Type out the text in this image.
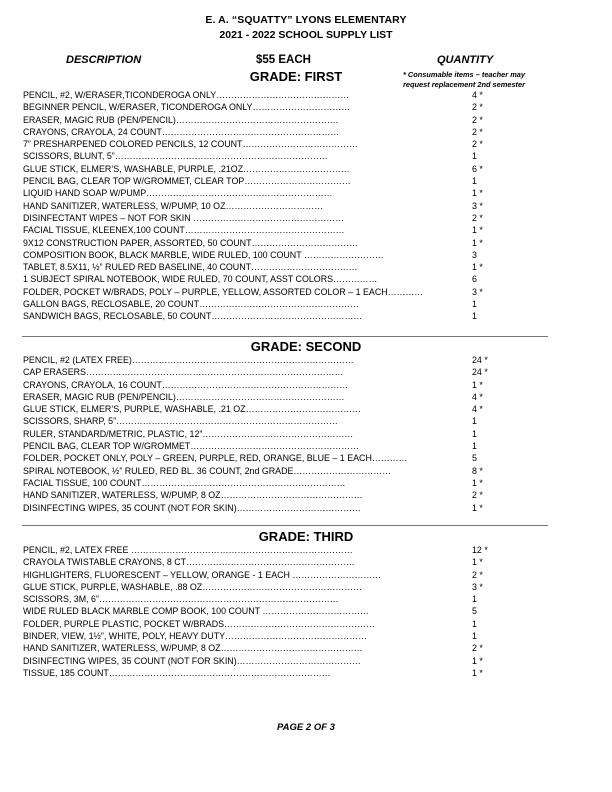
E. A. “SQUATTY” LYONS ELEMENTARY
2021 - 2022 SCHOOL SUPPLY LIST
DESCRIPTION	$55 EACH	QUANTITY
* Consumable items – teacher may
request replacement 2nd semester
GRADE: FIRST
PENCIL, #2, W/ERASER,TICONDEROGA ONLY………………………………………	4 *
BEGINNER PENCIL, W/ERASER, TICONDEROGA ONLY……………………………	2 *
ERASER, MAGIC RUB (PEN/PENCIL)……………………………………………….	2 *
CRAYONS, CRAYOLA, 24 COUNT……………………………………………………	2 *
7” PRESHARPENED COLORED PENCILS, 12 COUNT…………………………………	2 *
SCISSORS, BLUNT, 5”………………………………………………………………	1
GLUE STICK, ELMER’S, WASHABLE, PURPLE, .21OZ………………………………	6 *
PENCIL BAG, CLEAR TOP W/GROMMET, CLEAR TOP………………………………	1
LIQUID HAND SOAP W/PUMP………………………………………………………	1 *
HAND SANITIZER, WATERLESS, W/PUMP, 10 OZ……………………………	3 *
DISINFECTANT WIPES – NOT FOR SKIN ……………………………………………	2 *
FACIAL TISSUE, KLEENEX,100 COUNT………………………………………………	1 *
9X12 CONSTRUCTION PAPER, ASSORTED, 50 COUNT………………………………	1 *
COMPOSITION BOOK, BLACK MARBLE, WIDE RULED, 100 COUNT ………………………	3
TABLET, 8.5X11, ½” RULED RED BASELINE, 40 COUNT………………………………	1 *
1 SUBJECT SPIRAL NOTEBOOK, WIDE RULED, 70 COUNT, ASST COLORS……………	6
FOLDER, POCKET W/BRADS, POLY – PURPLE, YELLOW, ASSORTED COLOR – 1 EACH…………	3 *
GALLON BAGS, RECLOSABLE, 20 COUNT………………………………………………	1
SANDWICH BAGS, RECLOSABLE, 50 COUNT……………………………………………	1
GRADE: SECOND
PENCIL, #2 (LATEX FREE)…………………………………………………………………	24 *
CAP ERASERS……………………………………………………………………………	24 *
CRAYONS, CRAYOLA, 16 COUNT………………………………………………………	1 *
ERASER, MAGIC RUB (PEN/PENCIL)…………………………………………………	4 *
GLUE STICK, ELMER’S, PURPLE, WASHABLE, .21 OZ…………………………………	4 *
SCISSORS, SHARP, 5”…………………………………………………………………	1
RULER, STANDARD/METRIC, PLASTIC, 12”……………………………………………	1
PENCIL BAG, CLEAR TOP W/GROMMET…………………………………………………	1
FOLDER, POCKET ONLY, POLY – GREEN, PURPLE, RED, ORANGE, BLUE – 1 EACH…………	5
SPIRAL NOTEBOOK, ½” RULED, RED BL. 36 COUNT, 2nd GRADE……………………………	8 *
FACIAL TISSUE, 100 COUNT……………………………………………………………	1 *
HAND SANITIZER, WATERLESS, W/PUMP, 8 OZ…………………………………………	2 *
DISINFECTING WIPES, 35 COUNT (NOT FOR SKIN)……………………………………	1 *
GRADE: THIRD
PENCIL, #2, LATEX FREE …………………………………………………………………	12 *
CRAYOLA TWISTABLE CRAYONS, 8 CT…………………………………………………	1 *
HIGHLIGHTERS, FLUORESCENT – YELLOW, ORANGE - 1 EACH …………………………	2 *
GLUE STICK, PURPLE, WASHABLE, .88 OZ………………………………………………	3 *
SCISSORS, 3M, 6”………………………………………………………………………	1
WIDE RULED BLACK MARBLE COMP BOOK, 100 COUNT ………………………………	5
FOLDER, PURPLE PLASTIC, POCKET W/BRADS……………………………………………	1
BINDER, VIEW, 1½”, WHITE, POLY, HEAVY DUTY…………………………………………	1
HAND SANITIZER, WATERLESS, W/PUMP, 8 OZ…………………………………………	2 *
DISINFECTING WIPES, 35 COUNT (NOT FOR SKIN)……………………………………	1 *
TISSUE, 185 COUNT…………………………………………………………………	1 *
PAGE 2 OF 3
